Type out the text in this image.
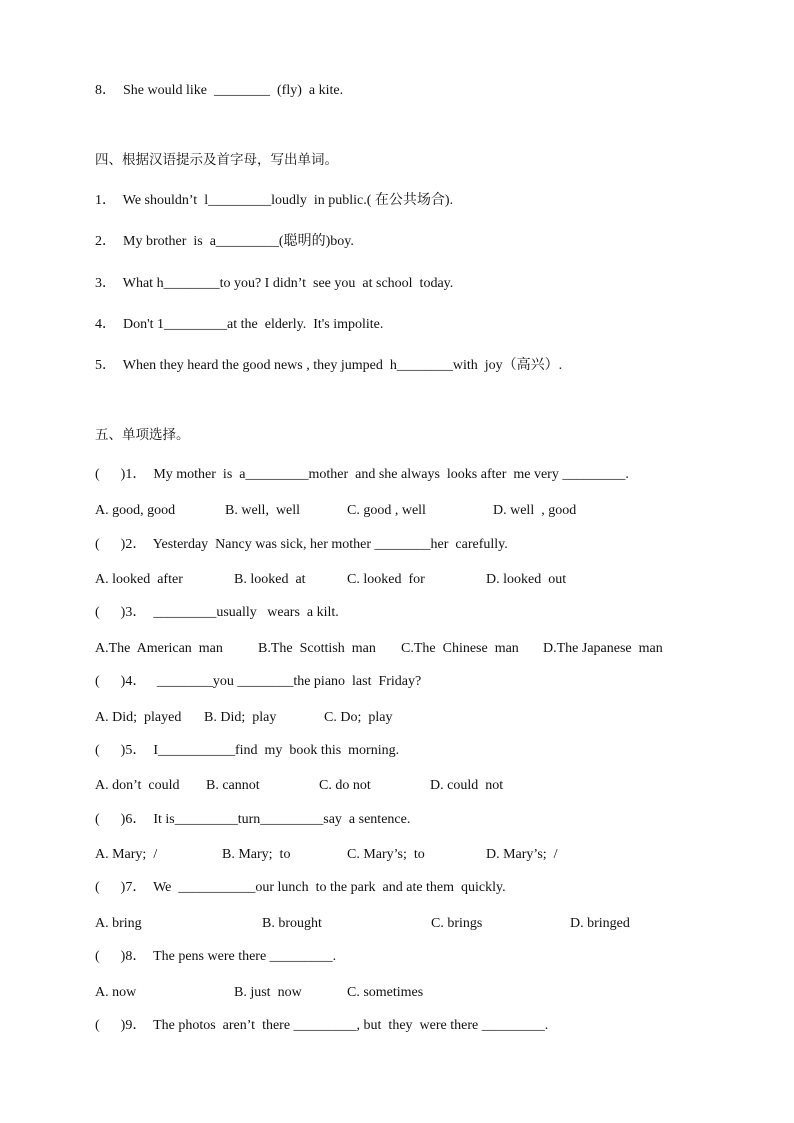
8．  She would like  ________  (fly)  a kite.
四、根据汉语提示及首字母，写出单词。
1．  We shouldn’t  l_________loudly  in public.( 在公共场合).
2．  My brother  is  a_________(聪明的)boy.
3．  What h________to you? I didn’t  see you  at school  today.
4．  Don't 1_________at the  elderly.  It's impolite.
5．  When they heard the good news , they jumped  h________with  joy（高兴）.
五、单项选择。
(      )1．  My mother  is  a_________mother  and she always  looks after  me very _________.
A. good, good	B. well,  well	C. good , well	D. well  , good
(      )2．  Yesterday  Nancy was sick, her mother ________her  carefully.
A. looked  after	B. looked  at	C. looked  for	D. looked  out
(      )3．  _________usually   wears  a kilt.
A.The  American  man	B.The  Scottish  man C.The  Chinese  man D.The Japanese  man
(      )4．   ________you ________the piano  last  Friday?
A. Did;  played B. Did;  play	C. Do;  play
(      )5．  I___________find  my  book this  morning.
A. don’t  could B. cannot	C. do not	D. could  not
(      )6．  It is_________turn_________say  a sentence.
A. Mary;  /	B. Mary;  to	C. Mary’s;  to	D. Mary’s;  /
(      )7．  We  ___________our lunch  to the park  and ate them  quickly.
A. bring	B. brought	C. brings	D. bringed
(      )8．  The pens were there _________.
A. now	B. just  now	C. sometimes
(      )9．  The photos  aren’t  there _________, but  they  were there _________.
